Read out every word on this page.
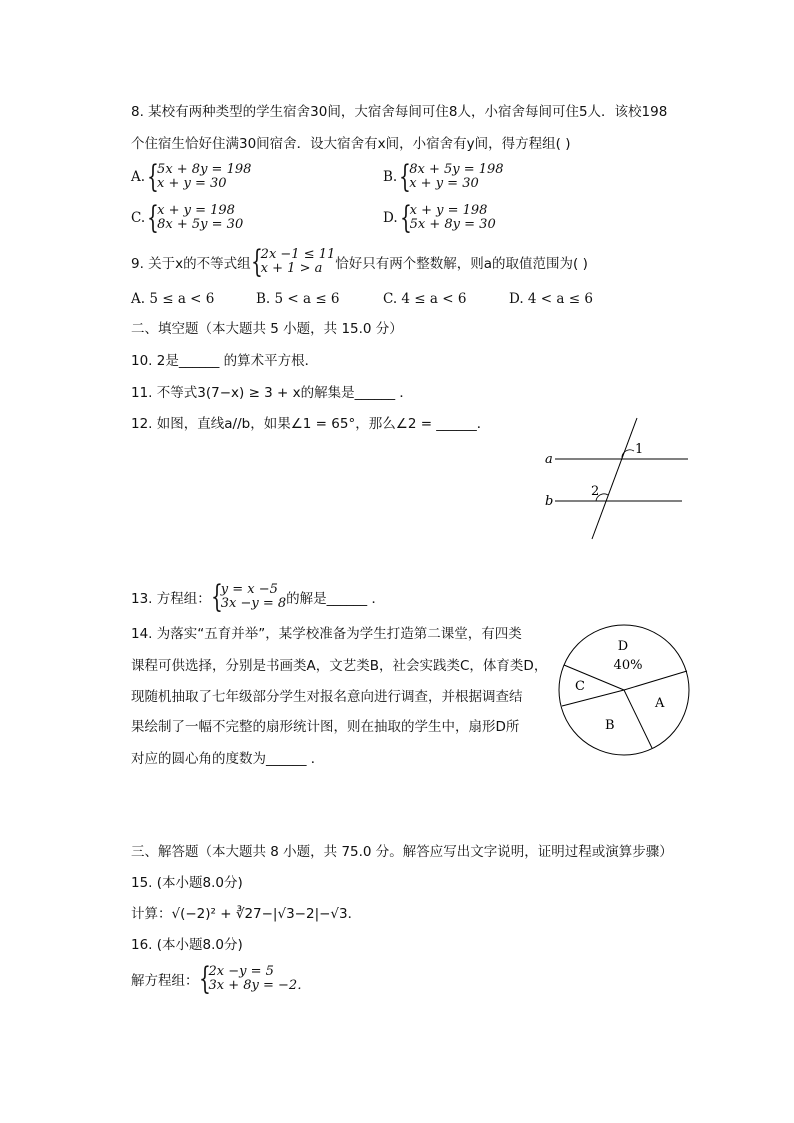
8. 某校有两种类型的学生宿舍30间，大宿舍每间可住8人，小宿舍每间可住5人．该校198
个住宿生恰好住满30间宿舍．设大宿舍有x间，小宿舍有y间，得方程组( )
A. {
5x + 8y = 198
x + y = 30	B. {
8x + 5y = 198
x + y = 30
C. {
x + y = 198
8x + 5y = 30	D. {
x + y = 198
5x + 8y = 30
9. 关于x的不等式组 {
2x −1 ≤ 11
x + 1 > a 恰好只有两个整数解，则a的取值范围为( )
A. 5 ≤ a < 6	B. 5 < a ≤ 6	C. 4 ≤ a < 6	D. 4 < a ≤ 6
二、填空题（本大题共 5 小题，共 15.0 分）
10. 2是______ 的算术平方根．
11. 不等式3(7−x) ≥ 3 + x的解集是______ ．
12. 如图，直线a//b，如果∠1 = 65°，那么∠2 = ______．
a
b
1
2
13. 方程组： {
y = x −5
3x −y = 8 的解是______ ．
14. 为落实“五育并举”，某学校准备为学生打造第二课堂，有四类
课程可供选择，分别是书画类A，文艺类B，社会实践类C，体育类D，
现随机抽取了七年级部分学生对报名意向进行调查，并根据调查结
果绘制了一幅不完整的扇形统计图，则在抽取的学生中，扇形D所
对应的圆心角的度数为______ ．
D
40%
C
A
B
三、解答题（本大题共 8 小题，共 75.0 分。解答应写出文字说明，证明过程或演算步骤）
15. (本小题8.0分)
计算：√(−2)² + ∛27−|√3−2|−√3．
16. (本小题8.0分)
解方程组： {
2x −y = 5
3x + 8y = −2．
